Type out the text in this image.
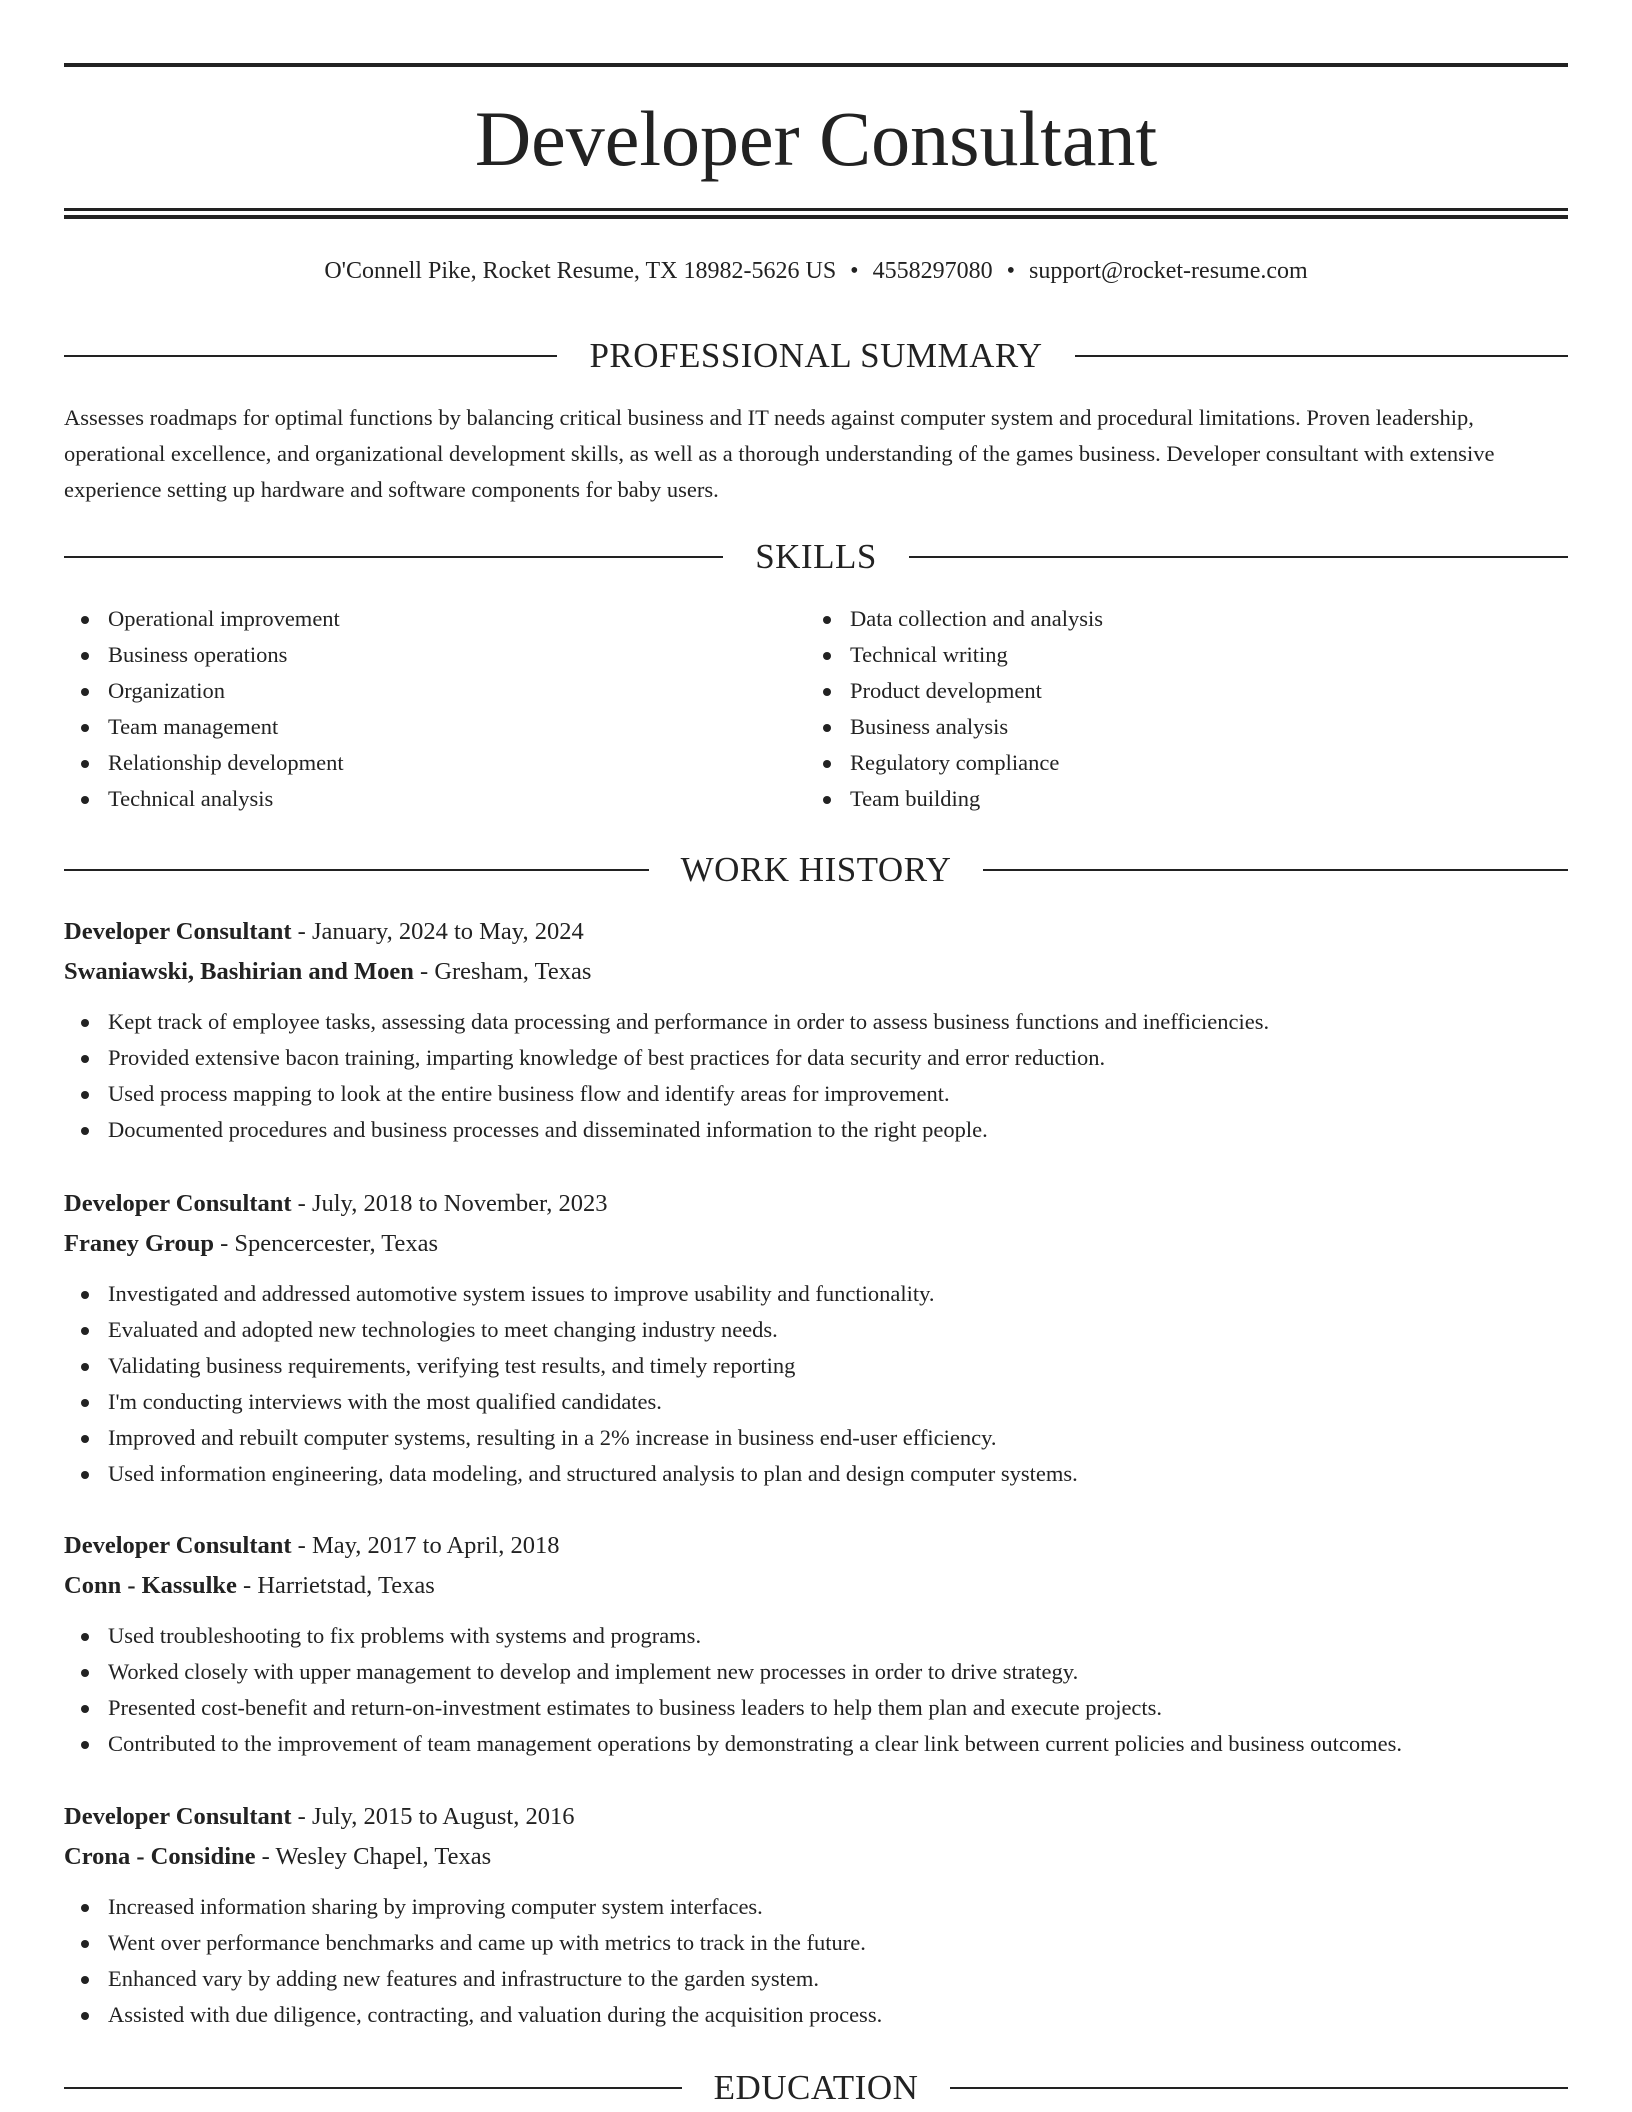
Developer Consultant
O'Connell Pike, Rocket Resume, TX 18982-5626 US • 4558297080 • support@rocket-resume.com
PROFESSIONAL SUMMARY
Assesses roadmaps for optimal functions by balancing critical business and IT needs against computer system and procedural limitations. Proven leadership, operational excellence, and organizational development skills, as well as a thorough understanding of the games business. Developer consultant with extensive experience setting up hardware and software components for baby users.
SKILLS
Operational improvement
Business operations
Organization
Team management
Relationship development
Technical analysis
Data collection and analysis
Technical writing
Product development
Business analysis
Regulatory compliance
Team building
WORK HISTORY
Developer Consultant - January, 2024 to May, 2024
Swaniawski, Bashirian and Moen - Gresham, Texas
Kept track of employee tasks, assessing data processing and performance in order to assess business functions and inefficiencies.
Provided extensive bacon training, imparting knowledge of best practices for data security and error reduction.
Used process mapping to look at the entire business flow and identify areas for improvement.
Documented procedures and business processes and disseminated information to the right people.
Developer Consultant - July, 2018 to November, 2023
Franey Group - Spencercester, Texas
Investigated and addressed automotive system issues to improve usability and functionality.
Evaluated and adopted new technologies to meet changing industry needs.
Validating business requirements, verifying test results, and timely reporting
I'm conducting interviews with the most qualified candidates.
Improved and rebuilt computer systems, resulting in a 2% increase in business end-user efficiency.
Used information engineering, data modeling, and structured analysis to plan and design computer systems.
Developer Consultant - May, 2017 to April, 2018
Conn - Kassulke - Harrietstad, Texas
Used troubleshooting to fix problems with systems and programs.
Worked closely with upper management to develop and implement new processes in order to drive strategy.
Presented cost-benefit and return-on-investment estimates to business leaders to help them plan and execute projects.
Contributed to the improvement of team management operations by demonstrating a clear link between current policies and business outcomes.
Developer Consultant - July, 2015 to August, 2016
Crona - Considine - Wesley Chapel, Texas
Increased information sharing by improving computer system interfaces.
Went over performance benchmarks and came up with metrics to track in the future.
Enhanced vary by adding new features and infrastructure to the garden system.
Assisted with due diligence, contracting, and valuation during the acquisition process.
EDUCATION
